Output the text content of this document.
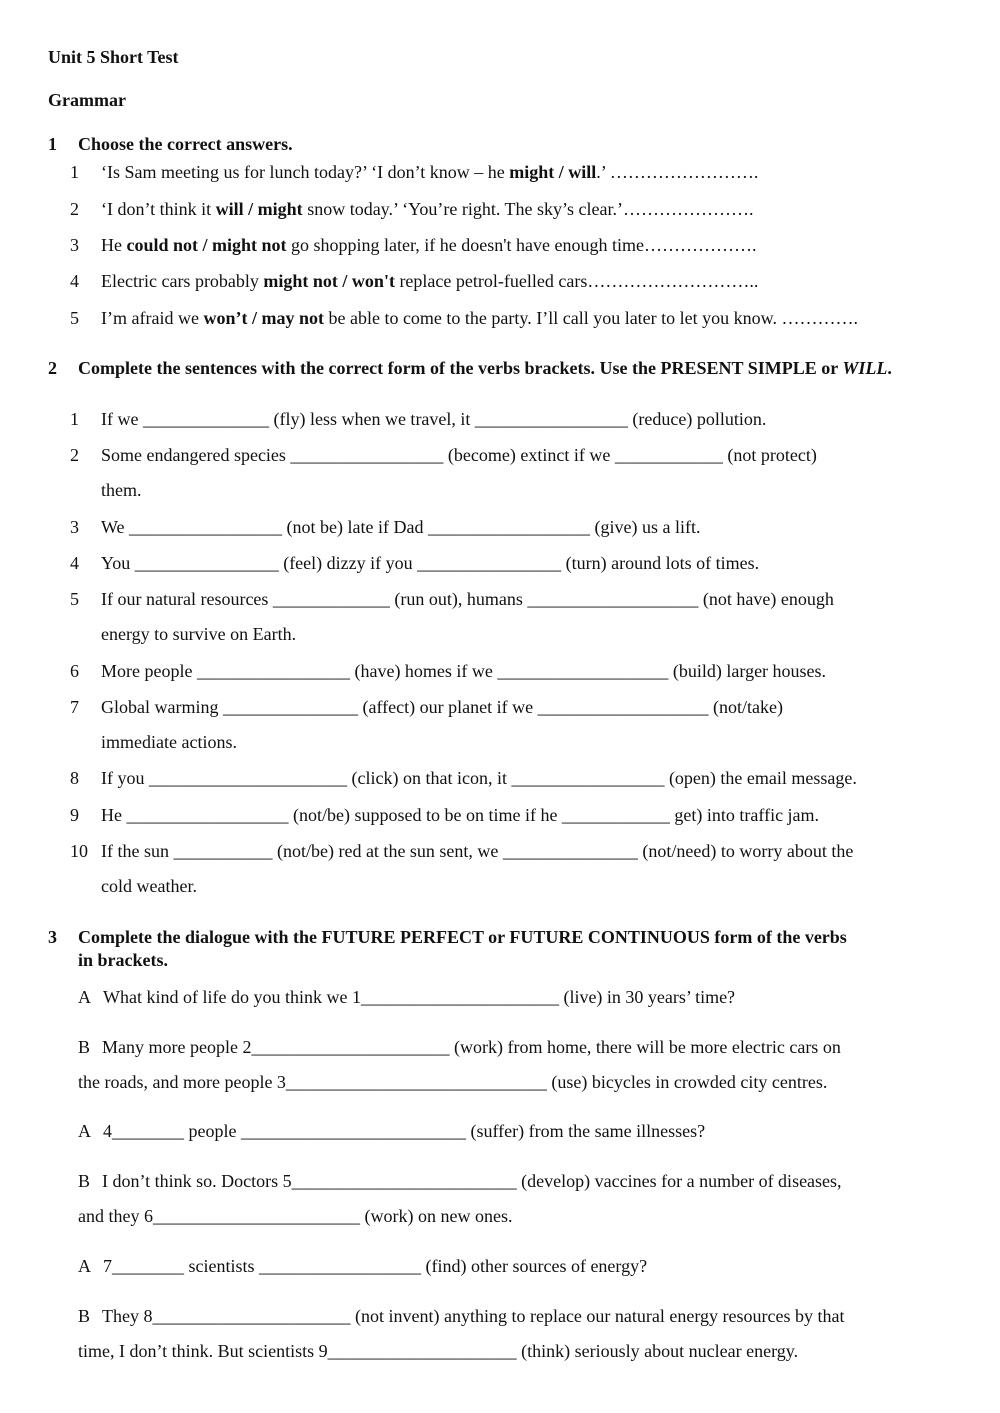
Unit 5 Short Test
Grammar
1 Choose the correct answers.
1 ‘Is Sam meeting us for lunch today?’ ‘I don’t know – he might / will.’ …………………….
2 ‘I don’t think it will / might snow today.’ ‘You’re right. The sky’s clear.’………………….
3 He could not / might not go shopping later, if he doesn't have enough time……………….
4 Electric cars probably might not / won't replace petrol-fuelled cars………………………..
5 I’m afraid we won’t / may not be able to come to the party. I’ll call you later to let you know. ………….
2 Complete the sentences with the correct form of the verbs brackets. Use the PRESENT SIMPLE or WILL.
1 If we ______________ (fly) less when we travel, it _________________ (reduce) pollution.
2 Some endangered species _________________ (become) extinct if we ____________ (not protect)
them.
3 We _________________ (not be) late if Dad __________________ (give) us a lift.
4 You ________________ (feel) dizzy if you ________________ (turn) around lots of times.
5 If our natural resources _____________ (run out), humans ___________________ (not have) enough
energy to survive on Earth.
6 More people _________________ (have) homes if we ___________________ (build) larger houses.
7 Global warming _______________ (affect) our planet if we ___________________ (not/take)
immediate actions.
8 If you ______________________ (click) on that icon, it _________________ (open) the email message.
9 He __________________ (not/be) supposed to be on time if he ____________ get) into traffic jam.
10 If the sun ___________ (not/be) red at the sun sent, we _______________ (not/need) to worry about the
cold weather.
3 Complete the dialogue with the FUTURE PERFECT or FUTURE CONTINUOUS form of the verbs
in brackets.
A What kind of life do you think we 1______________________ (live) in 30 years’ time?
B Many more people 2______________________ (work) from home, there will be more electric cars on
the roads, and more people 3_____________________________ (use) bicycles in crowded city centres.
A 4________ people _________________________ (suffer) from the same illnesses?
B I don’t think so. Doctors 5_________________________ (develop) vaccines for a number of diseases,
and they 6_______________________ (work) on new ones.
A 7________ scientists __________________ (find) other sources of energy?
B They 8______________________ (not invent) anything to replace our natural energy resources by that
time, I don’t think. But scientists 9_____________________ (think) seriously about nuclear energy.
